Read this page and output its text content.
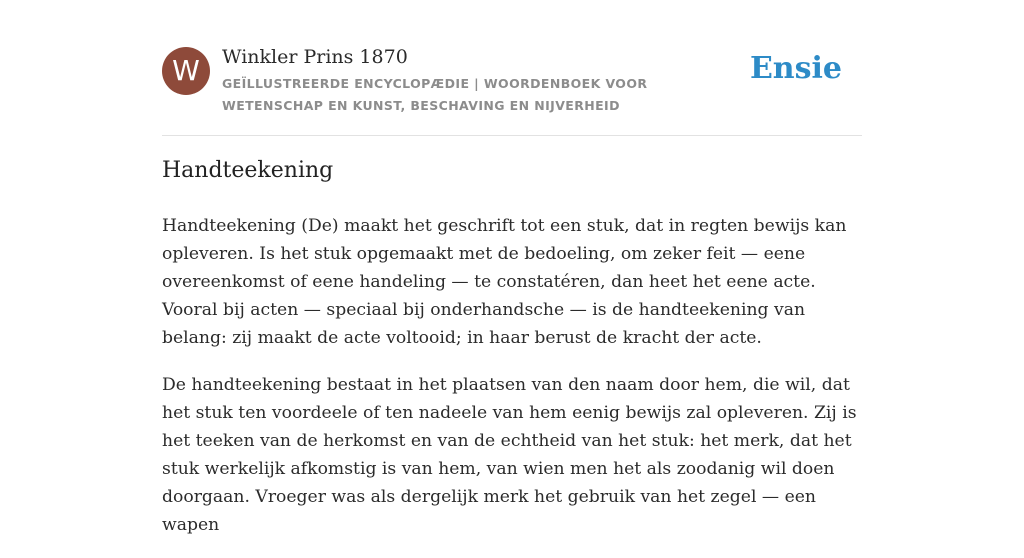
W	Winkler Prins 1870
GEÏLLUSTREERDE ENCYCLOPÆDIE | WOORDENBOEK VOOR WETENSCHAP EN KUNST, BESCHAVING EN NIJVERHEID
Ensie
Handteekening

Handteekening (De) maakt het geschrift tot een stuk, dat in regten bewijs kan opleveren. Is het stuk opgemaakt met de bedoeling, om zeker feit — eene overeenkomst of eene handeling — te constatéren, dan heet het eene acte. Vooral bij acten — speciaal bij onderhandsche — is de handteekening van belang: zij maakt de acte voltooid; in haar berust de kracht der acte.

De handteekening bestaat in het plaatsen van den naam door hem, die wil, dat het stuk ten voordeele of ten nadeele van hem eenig bewijs zal opleveren. Zij is het teeken van de herkomst en van de echtheid van het stuk: het merk, dat het stuk werkelijk afkomstig is van hem, van wien men het als zoodanig wil doen doorgaan. Vroeger was als dergelijk merk het gebruik van het zegel — een wapen
